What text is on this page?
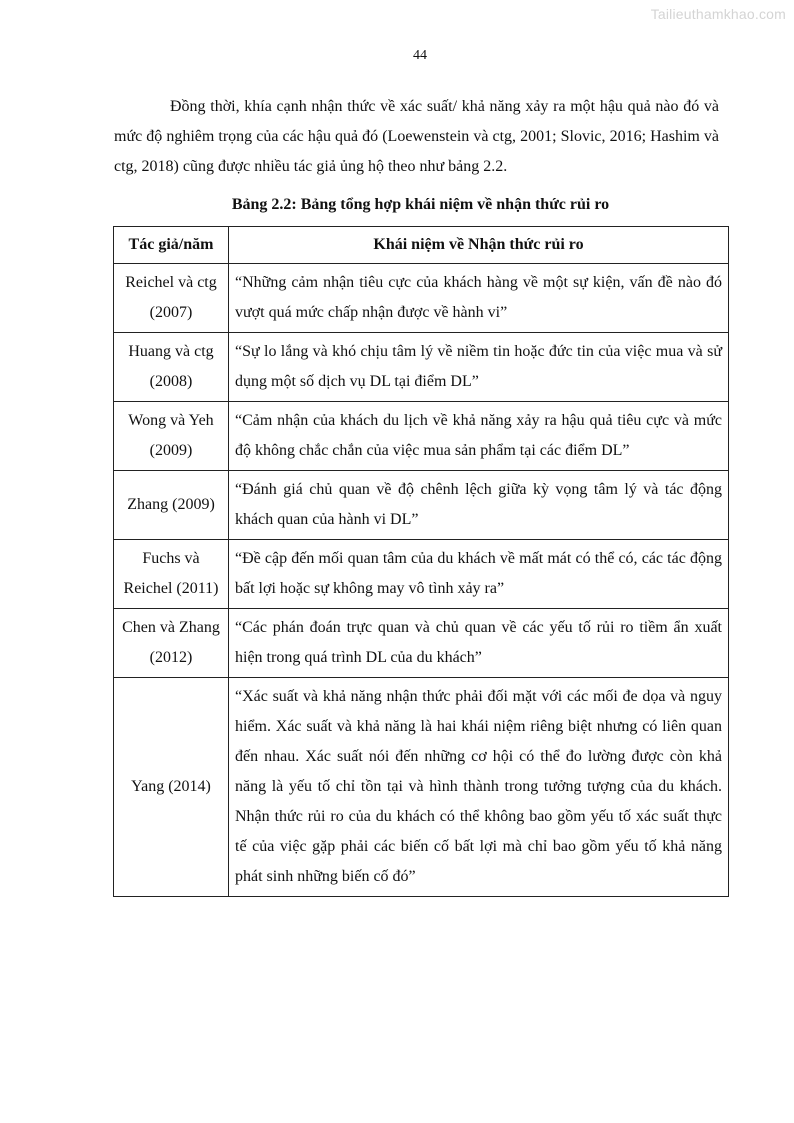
Tailieuthamkhao.com
44

Đồng thời, khía cạnh nhận thức về xác suất/ khả năng xảy ra một hậu quả nào đó và mức độ nghiêm trọng của các hậu quả đó (Loewenstein và ctg, 2001; Slovic, 2016; Hashim và ctg, 2018) cũng được nhiều tác giả ủng hộ theo như bảng 2.2.

Bảng 2.2: Bảng tổng hợp khái niệm về nhận thức rủi ro
Tác giả/năm	Khái niệm về Nhận thức rủi ro
Reichel và ctg (2007)	“Những cảm nhận tiêu cực của khách hàng về một sự kiện, vấn đề nào đó vượt quá mức chấp nhận được về hành vi”
Huang và ctg (2008)	“Sự lo lắng và khó chịu tâm lý về niềm tin hoặc đức tin của việc mua và sử dụng một số dịch vụ DL tại điểm DL”
Wong và Yeh (2009)	“Cảm nhận của khách du lịch về khả năng xảy ra hậu quả tiêu cực và mức độ không chắc chắn của việc mua sản phẩm tại các điểm DL”
Zhang (2009)	“Đánh giá chủ quan về độ chênh lệch giữa kỳ vọng tâm lý và tác động khách quan của hành vi DL”
Fuchs và Reichel (2011)	“Đề cập đến mối quan tâm của du khách về mất mát có thể có, các tác động bất lợi hoặc sự không may vô tình xảy ra”
Chen và Zhang (2012)	“Các phán đoán trực quan và chủ quan về các yếu tố rủi ro tiềm ẩn xuất hiện trong quá trình DL của du khách”
Yang (2014)	“Xác suất và khả năng nhận thức phải đối mặt với các mối đe dọa và nguy hiểm. Xác suất và khả năng là hai khái niệm riêng biệt nhưng có liên quan đến nhau. Xác suất nói đến những cơ hội có thể đo lường được còn khả năng là yếu tố chỉ tồn tại và hình thành trong tưởng tượng của du khách. Nhận thức rủi ro của du khách có thể không bao gồm yếu tố xác suất thực tế của việc gặp phải các biến cố bất lợi mà chỉ bao gồm yếu tố khả năng phát sinh những biến cố đó”
